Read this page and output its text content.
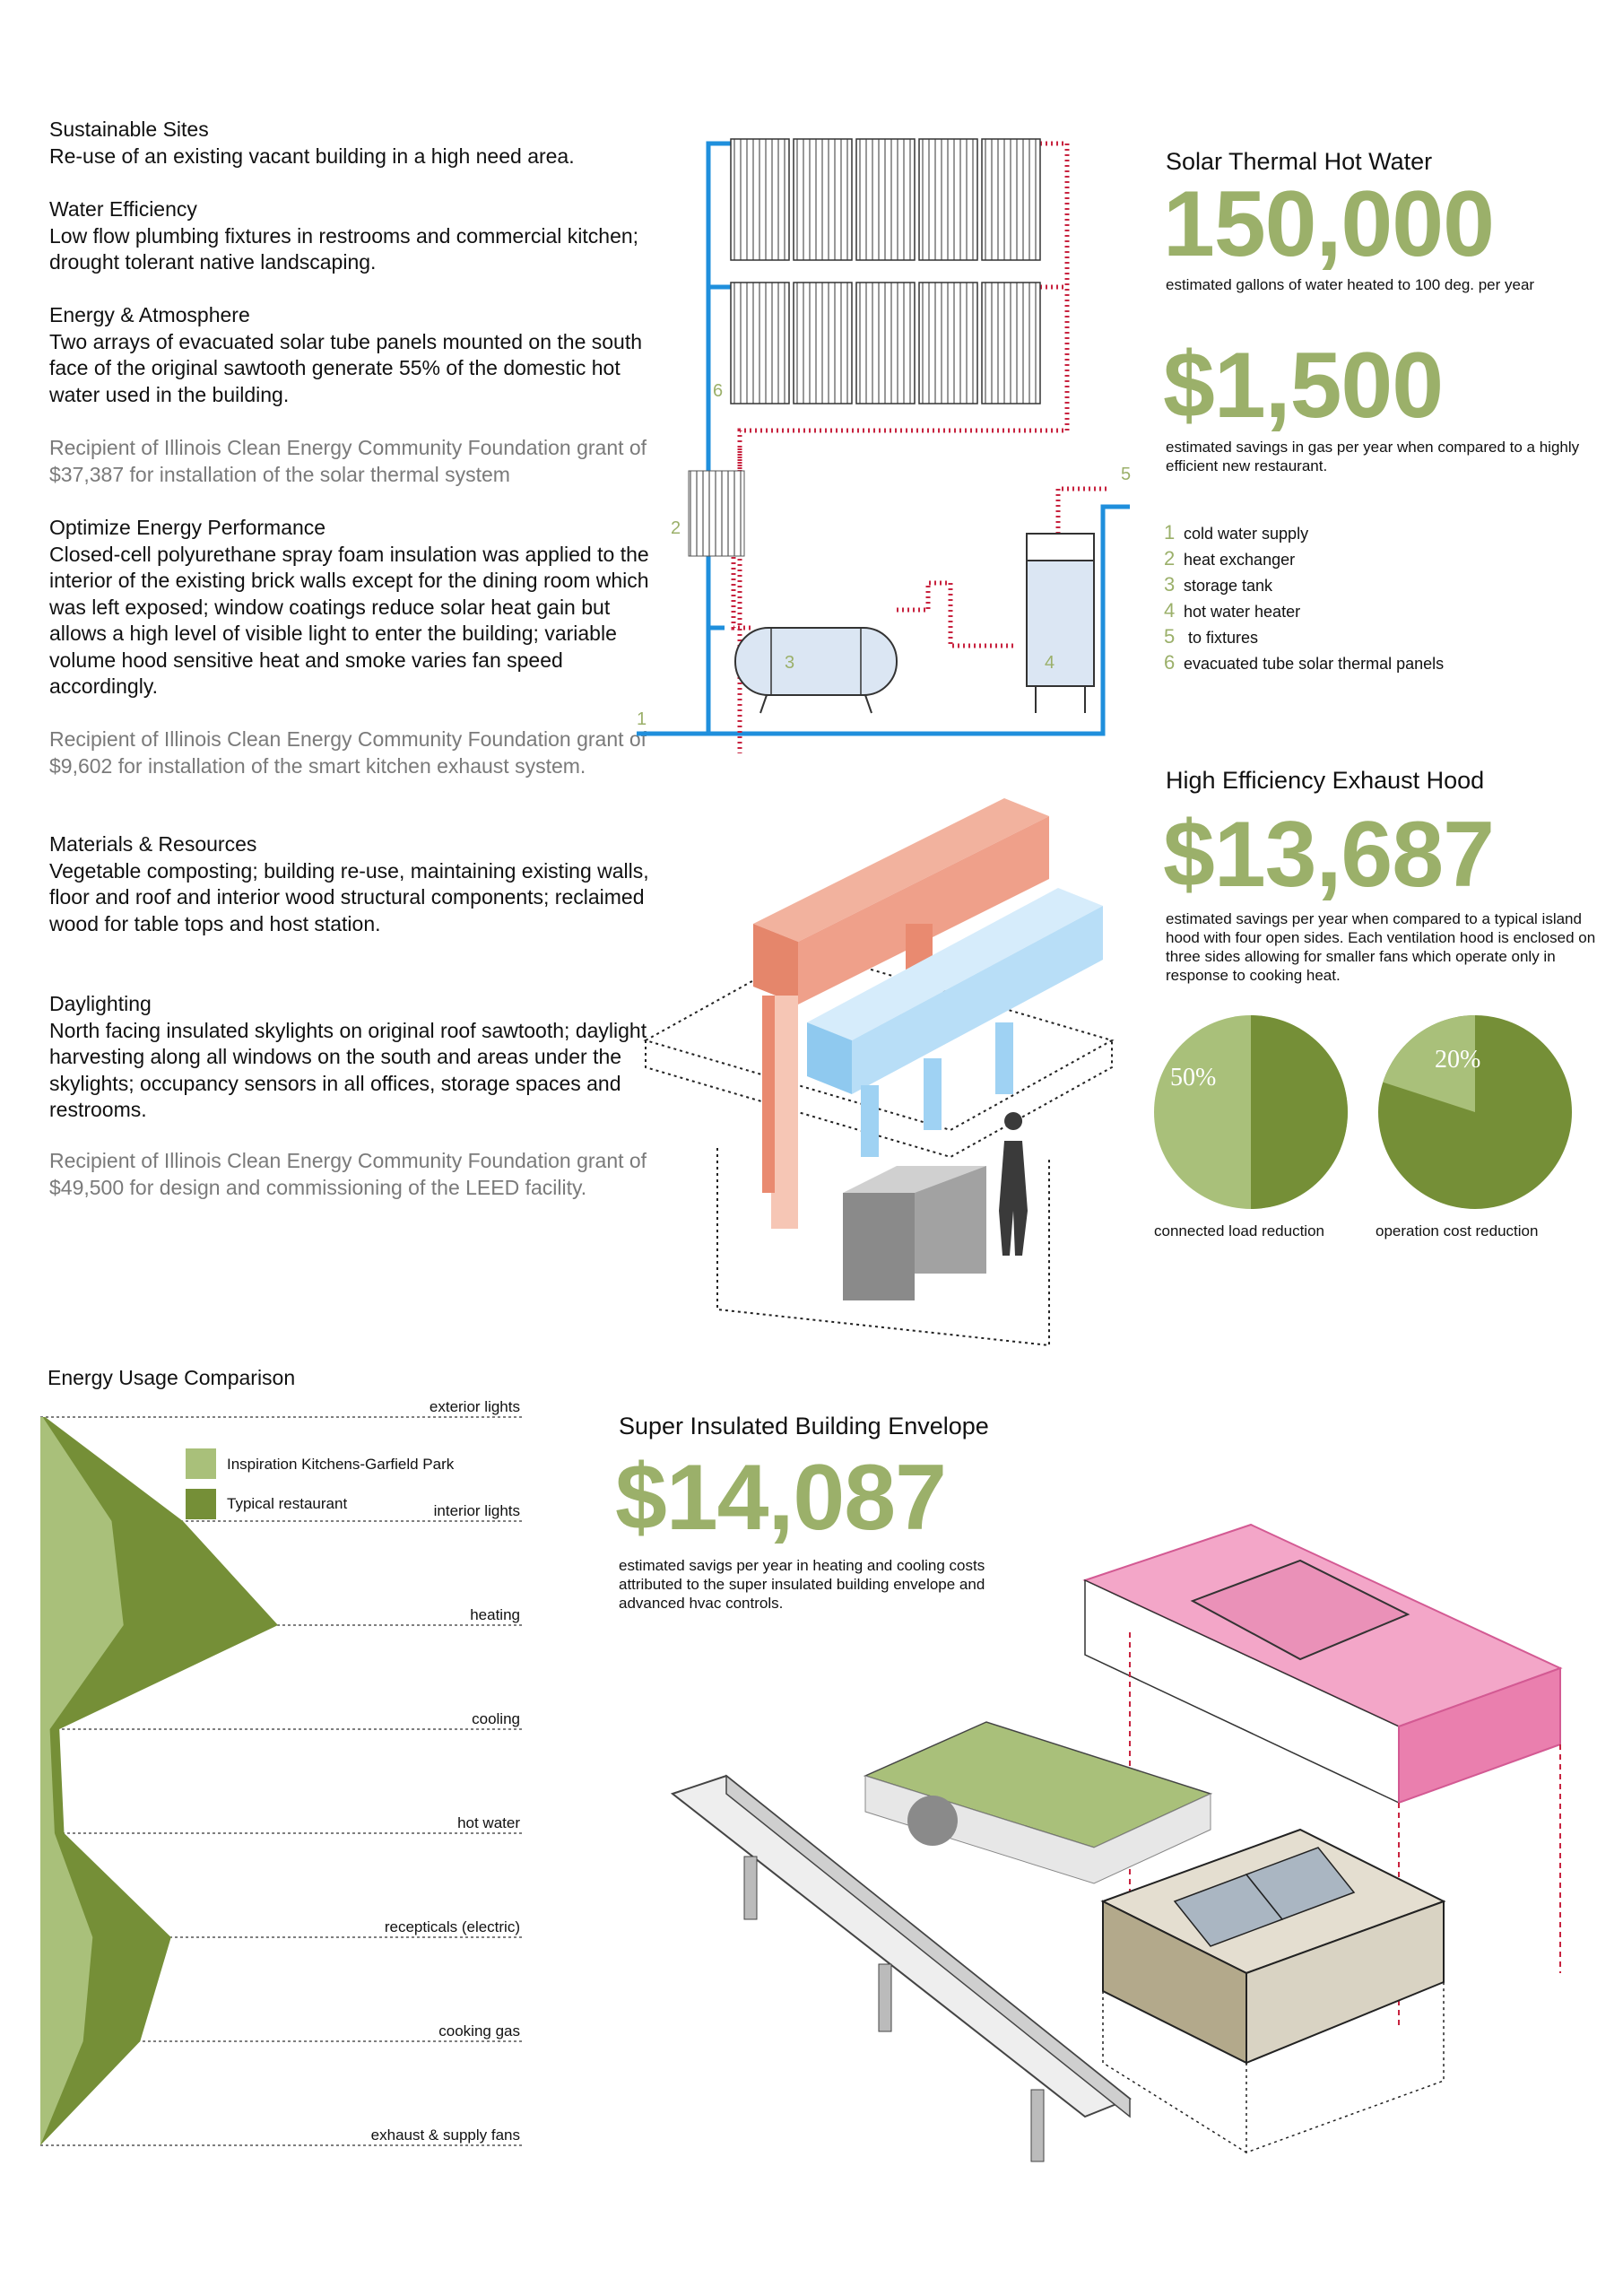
Sustainable Sites
Re-use of an existing vacant building in a high need area.
Water Efficiency
Low flow plumbing fixtures in restrooms and commercial kitchen; drought tolerant native landscaping.
Energy & Atmosphere
Two arrays of evacuated solar tube panels mounted on the south face of the original sawtooth generate 55% of the domestic hot water used in the building.
Recipient of Illinois Clean Energy Community Foundation grant of $37,387 for installation of the solar thermal system
Optimize Energy Performance
Closed-cell polyurethane spray foam insulation was applied to the interior of the existing brick walls except for the dining room which was left exposed; window coatings reduce solar heat gain but allows a high level of visible light to enter the building; variable volume hood sensitive heat and smoke varies fan speed accordingly.
Recipient of Illinois Clean Energy Community Foundation grant of $9,602 for installation of the smart kitchen exhaust system.
Materials & Resources
Vegetable composting; building re-use, maintaining existing walls, floor and roof and interior wood structural components; reclaimed wood for table tops and host station.
Daylighting
North facing insulated skylights on original roof sawtooth; daylight harvesting along all windows on the south and areas under the skylights; occupancy sensors in all offices, storage spaces and restrooms.
Recipient of Illinois Clean Energy Community Foundation grant of $49,500 for design and commissioning of the LEED facility.
1
2
3	4
5
6
Solar Thermal Hot Water
150,000
estimated gallons of water heated to 100 deg. per year
$1,500
estimated savings in gas per year when compared to a highly efficient new restaurant.
1 cold water supply
2 heat exchanger
3 storage tank
4 hot water heater
5 to fixtures
6 evacuated tube solar thermal panels
High Efficiency Exhaust Hood
$13,687
estimated savings per year when compared to a typical island hood with four open sides. Each ventilation hood is enclosed on three sides allowing for smaller fans which operate only in response to cooking heat.
50%
20%
connected load reduction	operation cost reduction
Energy Usage Comparison
exterior lights
interior lights
heating
cooling
hot water
recepticals (electric)
cooking gas
exhaust & supply fans
Inspiration Kitchens-Garfield Park
Typical restaurant
Super Insulated Building Envelope
$14,087
estimated savigs per year in heating and cooling costs attributed to the super insulated building envelope and advanced hvac controls.
